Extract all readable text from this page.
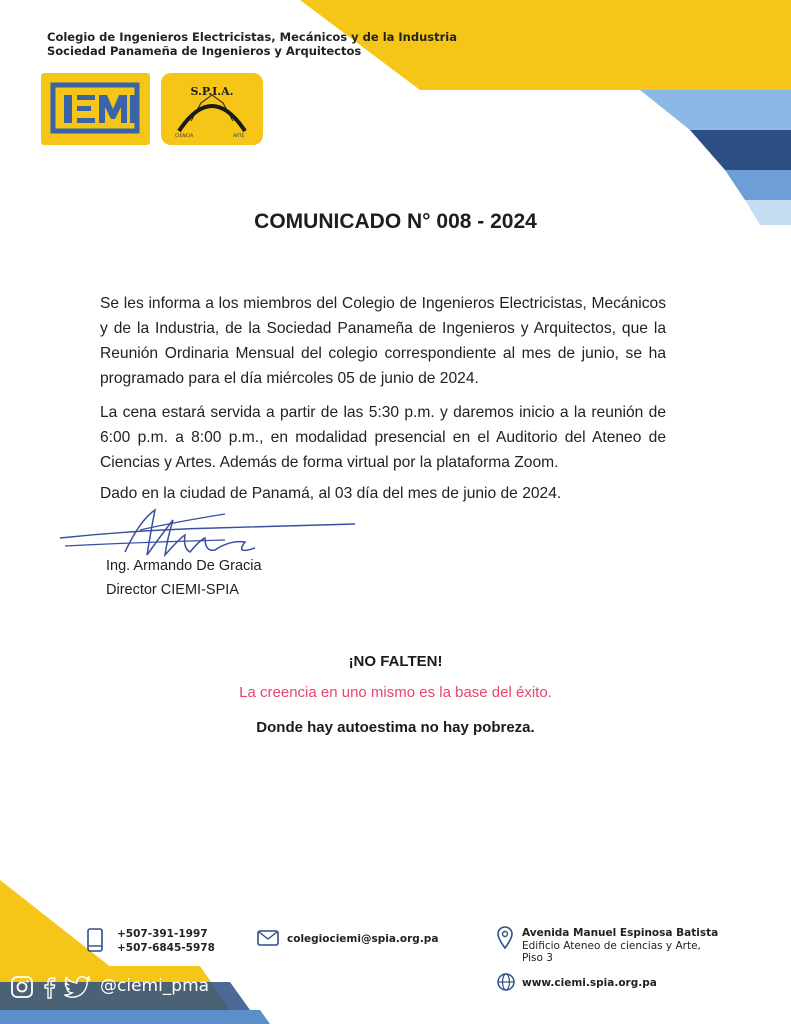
Colegio de Ingenieros Electricistas, Mecánicos y de la Industria
Sociedad Panameña de Ingenieros y Arquitectos
S.P.I.A.
CIENCIA	ARTE
COMUNICADO N° 008 - 2024
Se les informa a los miembros del Colegio de Ingenieros Electricistas, Mecánicos y de la Industria, de la Sociedad Panameña de Ingenieros y Arquitectos, que la Reunión Ordinaria Mensual del colegio correspondiente al mes de junio, se ha programado para el día miércoles 05 de junio de 2024.
La cena estará servida a partir de las 5:30 p.m. y daremos inicio a la reunión de 6:00 p.m. a 8:00 p.m., en modalidad presencial en el Auditorio del Ateneo de Ciencias y Artes. Además de forma virtual por la plataforma Zoom.
Dado en la ciudad de Panamá, al 03 día del mes de junio de 2024.
Ing. Armando De Gracia
Director CIEMI-SPIA
¡NO FALTEN!
La creencia en uno mismo es la base del éxito.
Donde hay autoestima no hay pobreza.
+507-391-1997
+507-6845-5978
colegiociemi@spia.org.pa	Avenida Manuel Espinosa Batista
Edificio Ateneo de ciencias y Arte,
Piso 3
www.ciemi.spia.org.pa
@ciemi_pma
